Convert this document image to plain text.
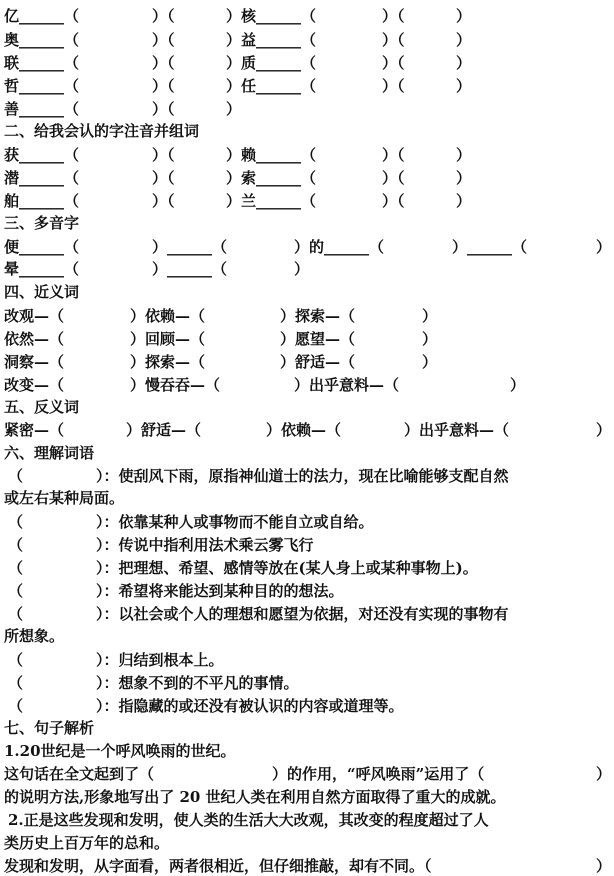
亿______（	）（	）核______（	）（	）
奥______（	）（	）益______（	）（	）
联______（	）（	）质______（	）（	）
哲______（	）（	）任______（	）（	）
善______（	）（	）
二、给我会认的字注音并组词
获______（	）（	）赖______（	）（	）
潜______（	）（	）索______（	）（	）
舶______（	）（	）兰______（	）（	）
三、多音字
便______（	）______（	）的______（	）______（	）
晕______（	）______（	）
四、近义词
改观—（	）依赖—（	）探索—（	）
依然—（	）回顾—（	）愿望—（	）
洞察—（	）探索—（	）舒适—（	）
改变—（	）慢吞吞—（	）出乎意料—（	）
五、反义词
紧密—（	）舒适—（	）依赖—（	）出乎意料—（	）
六、理解词语
（	）：使刮风下雨，原指神仙道士的法力，现在比喻能够支配自然
或左右某种局面。
（	）：依靠某种人或事物而不能自立或自给。
（	）：传说中指利用法术乘云雾飞行
（	）：把理想、希望、感情等放在(某人身上或某种事物上)。
（	）：希望将来能达到某种目的的想法。
（	）：以社会或个人的理想和愿望为依据，对还没有实现的事物有
所想象。
（	）：归结到根本上。
（	）：想象不到的不平凡的事情。
（	）：指隐藏的或还没有被认识的内容或道理等。
七、句子解析
1.20世纪是一个呼风唤雨的世纪。
这句话在全文起到了（	）的作用，“呼风唤雨”运用了（	）
的说明方法,形象地写出了 20 世纪人类在利用自然方面取得了重大的成就。
2.正是这些发现和发明，使人类的生活大大改观，其改变的程度超过了人
类历史上百万年的总和。
发现和发明，从字面看，两者很相近，但仔细推敲，却有不同。（	）
